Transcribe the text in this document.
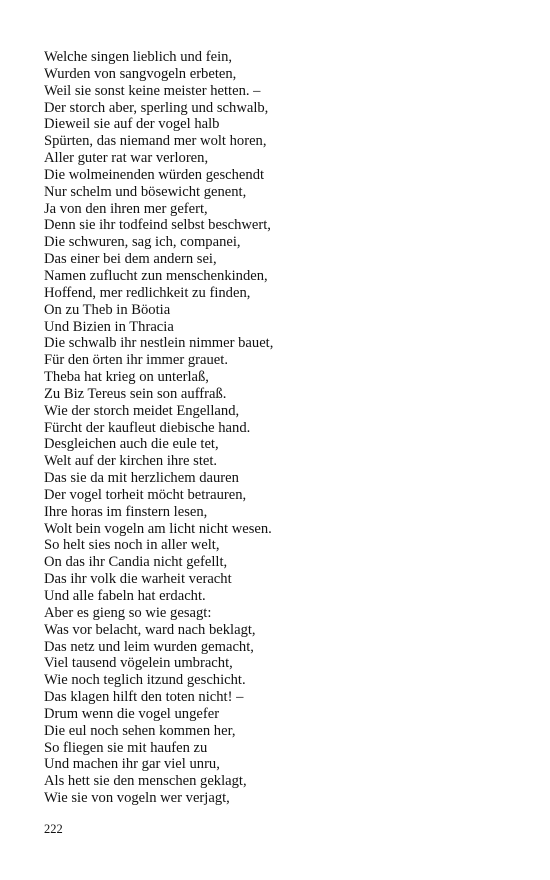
Welche singen lieblich und fein,
Wurden von sangvogeln erbeten,
Weil sie sonst keine meister hetten. –
Der storch aber, sperling und schwalb,
Dieweil sie auf der vogel halb
Spürten, das niemand mer wolt horen,
Aller guter rat war verloren,
Die wolmeinenden würden geschendt
Nur schelm und bösewicht genent,
Ja von den ihren mer gefert,
Denn sie ihr todfeind selbst beschwert,
Die schwuren, sag ich, companei,
Das einer bei dem andern sei,
Namen zuflucht zun menschenkinden,
Hoffend, mer redlichkeit zu finden,
On zu Theb in Böotia
Und Bizien in Thracia
Die schwalb ihr nestlein nimmer bauet,
Für den örten ihr immer grauet.
Theba hat krieg on unterlaß,
Zu Biz Tereus sein son auffraß.
Wie der storch meidet Engelland,
Fürcht der kaufleut diebische hand.
Desgleichen auch die eule tet,
Welt auf der kirchen ihre stet.
Das sie da mit herzlichem dauren
Der vogel torheit möcht betrauren,
Ihre horas im finstern lesen,
Wolt bein vogeln am licht nicht wesen.
So helt sies noch in aller welt,
On das ihr Candia nicht gefellt,
Das ihr volk die warheit veracht
Und alle fabeln hat erdacht.
Aber es gieng so wie gesagt:
Was vor belacht, ward nach beklagt,
Das netz und leim wurden gemacht,
Viel tausend vögelein umbracht,
Wie noch teglich itzund geschicht.
Das klagen hilft den toten nicht! –
Drum wenn die vogel ungefer
Die eul noch sehen kommen her,
So fliegen sie mit haufen zu
Und machen ihr gar viel unru,
Als hett sie den menschen geklagt,
Wie sie von vogeln wer verjagt,
222
